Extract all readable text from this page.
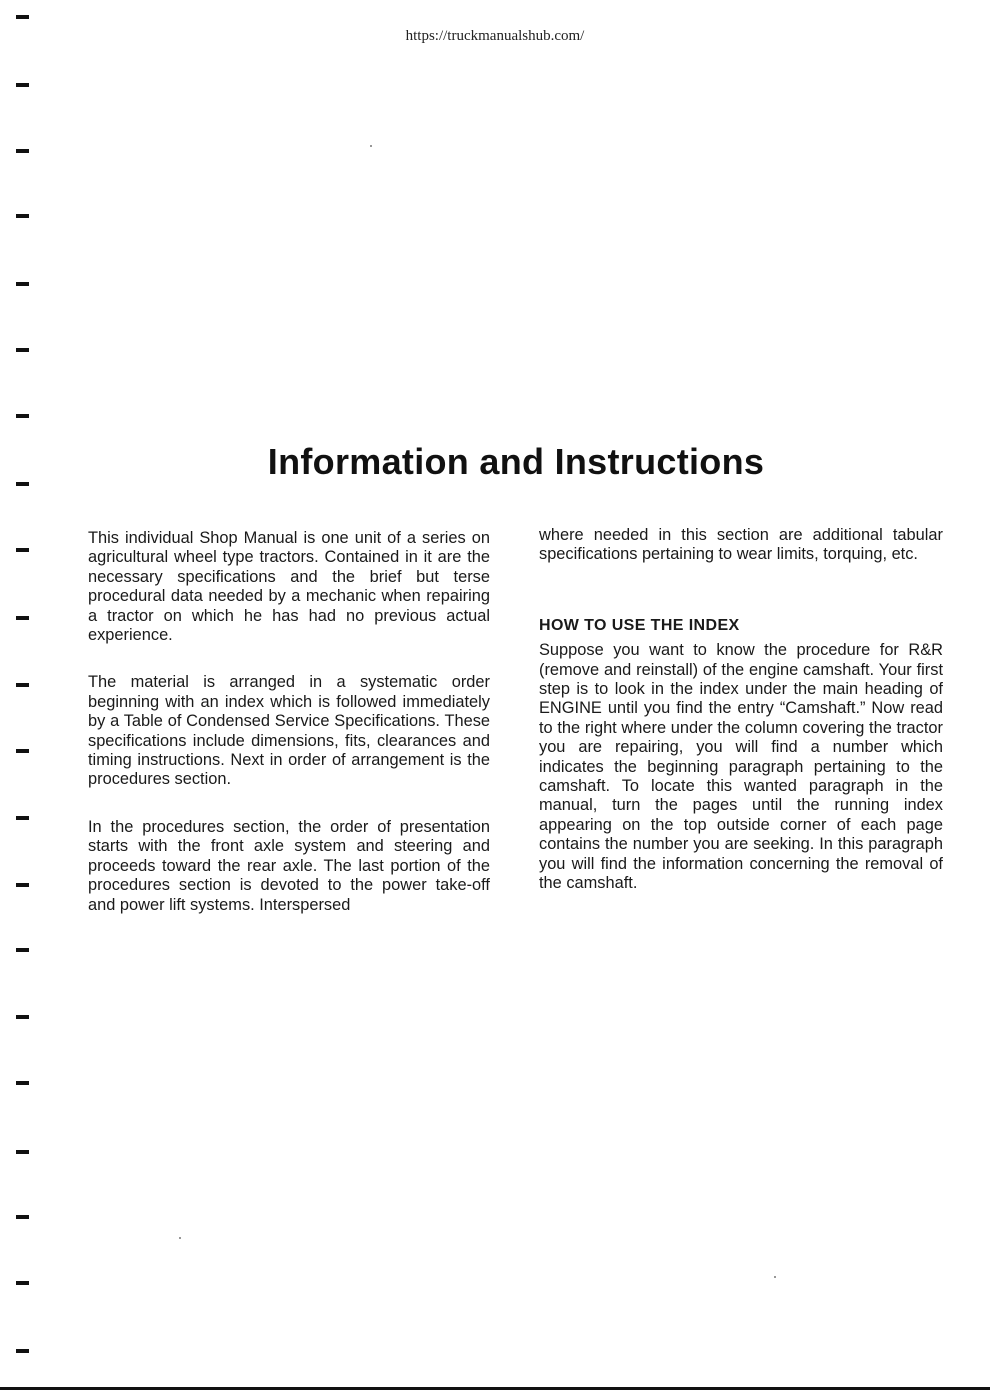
https://truckmanualshub.com/
Information and Instructions

This individual Shop Manual is one unit of a series on agricultural wheel type tractors. Contained in it are the necessary specifications and the brief but terse procedural data needed by a mechanic when repairing a tractor on which he has had no previous actual experience.

The material is arranged in a systematic order beginning with an index which is followed immediately by a Table of Condensed Service Specifications. These specifications include dimensions, fits, clearances and timing instructions. Next in order of arrangement is the procedures section.

In the procedures section, the order of presentation starts with the front axle system and steering and proceeds toward the rear axle. The last portion of the procedures section is devoted to the power take-off and power lift systems. Interspersed

where needed in this section are additional tabular specifications pertaining to wear limits, torquing, etc.

HOW TO USE THE INDEX

Suppose you want to know the procedure for R&R (remove and reinstall) of the engine camshaft. Your first step is to look in the index under the main heading of ENGINE until you find the entry “Camshaft.” Now read to the right where under the column covering the tractor you are repairing, you will find a number which indicates the beginning paragraph pertaining to the camshaft. To locate this wanted paragraph in the manual, turn the pages until the running index appearing on the top outside corner of each page contains the number you are seeking. In this paragraph you will find the information concerning the removal of the camshaft.
